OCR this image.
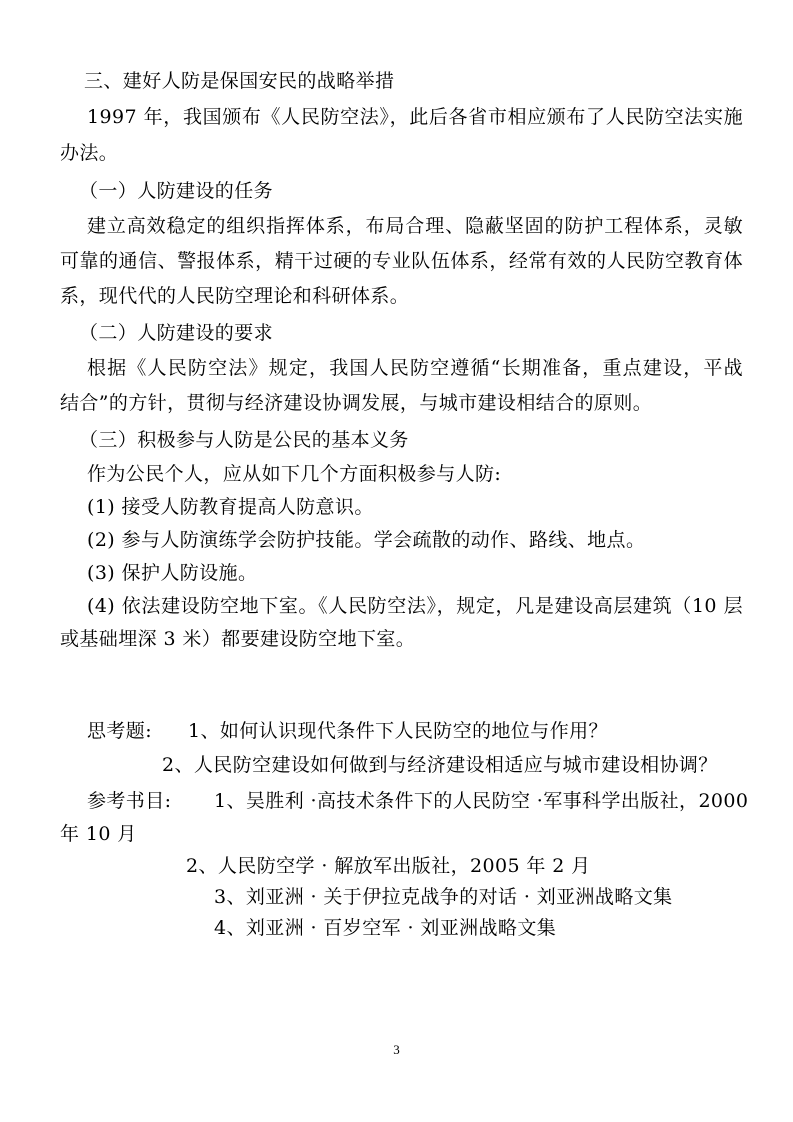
三、建好人防是保国安民的战略举措
1997 年，我国颁布《人民防空法》，此后各省市相应颁布了人民防空法实施
办法。
（一）人防建设的任务
建立高效稳定的组织指挥体系，布局合理、隐蔽坚固的防护工程体系，灵敏
可靠的通信、警报体系，精干过硬的专业队伍体系，经常有效的人民防空教育体
系，现代代的人民防空理论和科研体系。
（二）人防建设的要求
根据《人民防空法》规定，我国人民防空遵循“长期准备，重点建设，平战
结合”的方针，贯彻与经济建设协调发展，与城市建设相结合的原则。
（三）积极参与人防是公民的基本义务
作为公民个人，应从如下几个方面积极参与人防:
(1) 接受人防教育提高人防意识。
(2) 参与人防演练学会防护技能。学会疏散的动作、路线、地点。
(3) 保护人防设施。
(4) 依法建设防空地下室。《人民防空法》，规定，凡是建设高层建筑（10 层
或基础埋深 3 米）都要建设防空地下室。
思考题: 1、如何认识现代条件下人民防空的地位与作用？
2、人民防空建设如何做到与经济建设相适应与城市建设相协调？
参考书目: 1、吴胜利 ·高技术条件下的人民防空 ·军事科学出版社，2000
年 10 月
2、人民防空学 · 解放军出版社，2005 年 2 月
3、刘亚洲 · 关于伊拉克战争的对话 · 刘亚洲战略文集
4、刘亚洲 · 百岁空军 · 刘亚洲战略文集
3
